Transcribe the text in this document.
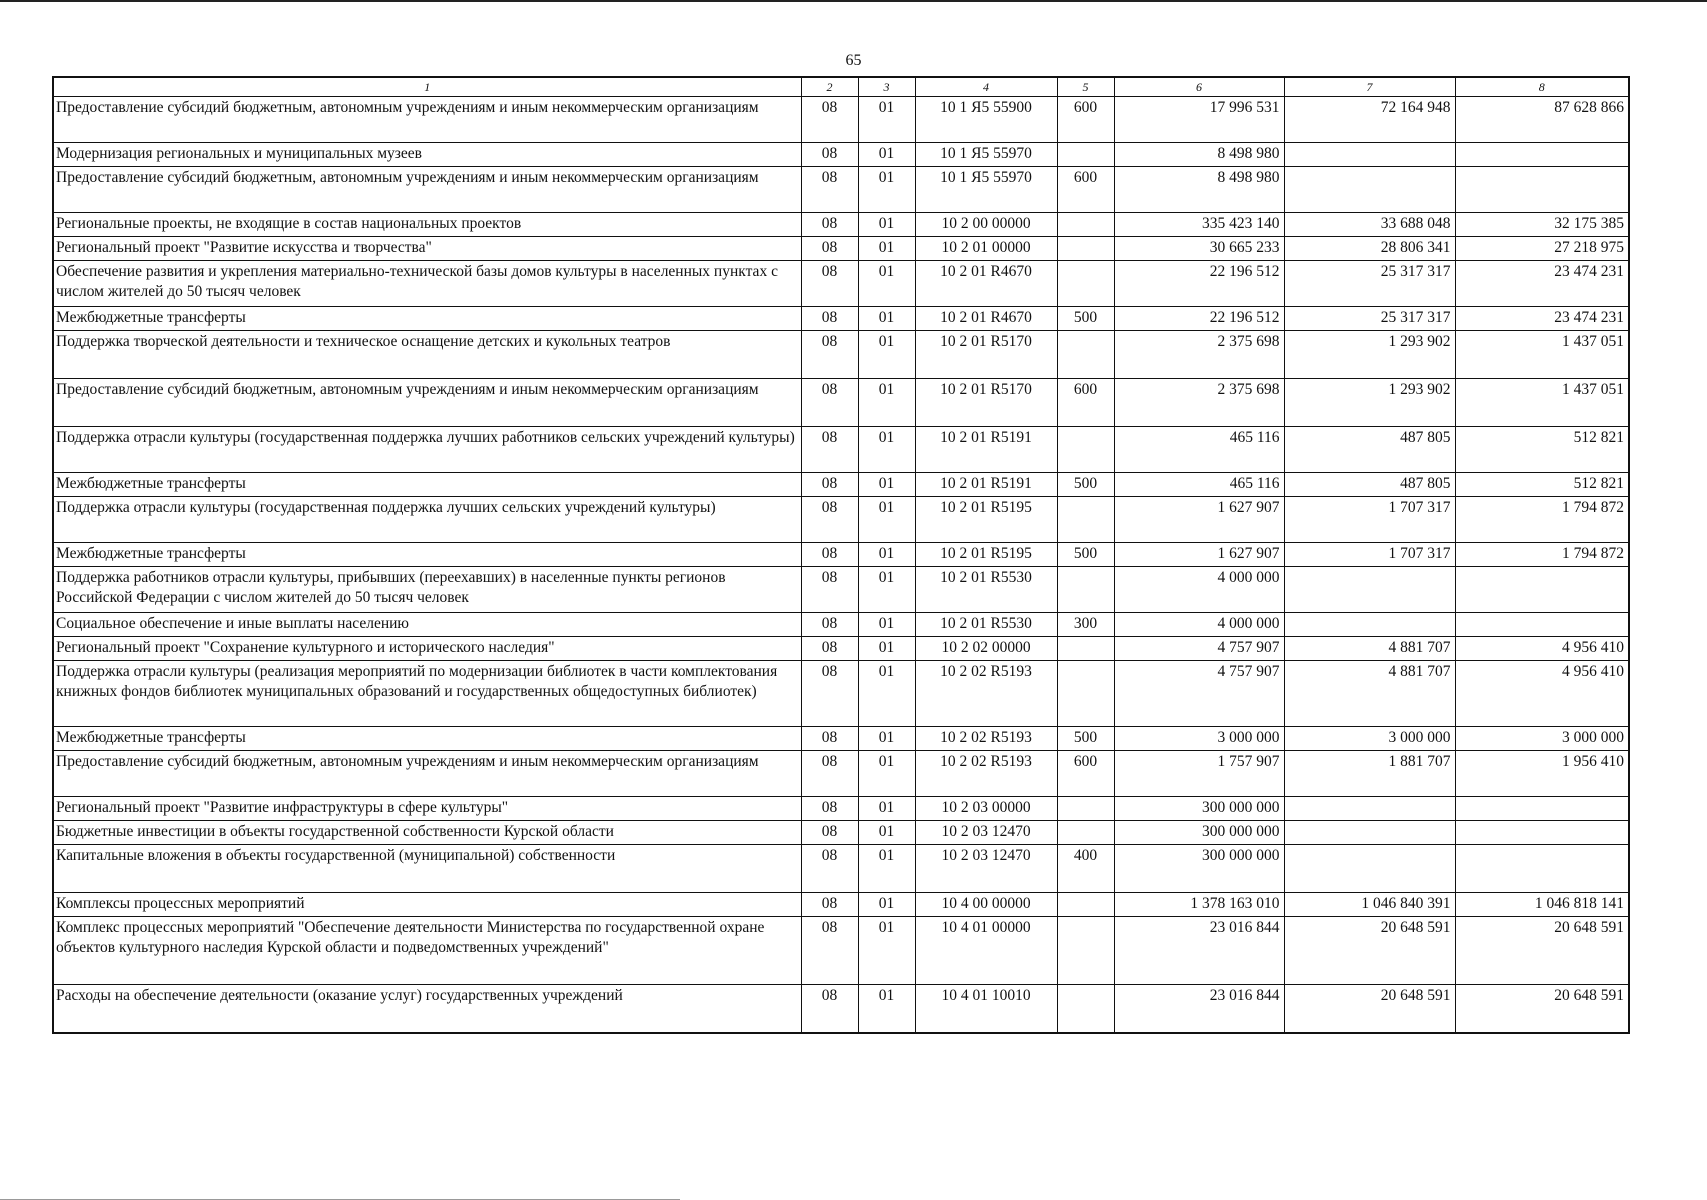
65
1	2	3	4	5	6	7	8
Предоставление субсидий бюджетным, автономным учреждениям и иным некоммерческим организациям	08	01	10 1 Я5 55900	600	17 996 531	72 164 948	87 628 866
Модернизация региональных и муниципальных музеев	08	01	10 1 Я5 55970		8 498 980		
Предоставление субсидий бюджетным, автономным учреждениям и иным некоммерческим организациям	08	01	10 1 Я5 55970	600	8 498 980		
Региональные проекты, не входящие в состав национальных проектов	08	01	10 2 00 00000		335 423 140	33 688 048	32 175 385
Региональный проект "Развитие искусства и творчества"	08	01	10 2 01 00000		30 665 233	28 806 341	27 218 975
Обеспечение развития и укрепления материально-технической базы домов культуры в населенных пунктах с числом жителей до 50 тысяч человек	08	01	10 2 01 R4670		22 196 512	25 317 317	23 474 231
Межбюджетные трансферты	08	01	10 2 01 R4670	500	22 196 512	25 317 317	23 474 231
Поддержка творческой деятельности и техническое оснащение детских и кукольных театров	08	01	10 2 01 R5170		2 375 698	1 293 902	1 437 051
Предоставление субсидий бюджетным, автономным учреждениям и иным некоммерческим организациям	08	01	10 2 01 R5170	600	2 375 698	1 293 902	1 437 051
Поддержка отрасли культуры (государственная поддержка лучших работников сельских учреждений культуры)	08	01	10 2 01 R5191		465 116	487 805	512 821
Межбюджетные трансферты	08	01	10 2 01 R5191	500	465 116	487 805	512 821
Поддержка отрасли культуры (государственная поддержка лучших сельских учреждений культуры)	08	01	10 2 01 R5195		1 627 907	1 707 317	1 794 872
Межбюджетные трансферты	08	01	10 2 01 R5195	500	1 627 907	1 707 317	1 794 872
Поддержка работников отрасли культуры, прибывших (переехавших) в населенные пункты регионов Российской Федерации с числом жителей до 50 тысяч человек	08	01	10 2 01 R5530		4 000 000		
Социальное обеспечение и иные выплаты населению	08	01	10 2 01 R5530	300	4 000 000		
Региональный проект "Сохранение культурного и исторического наследия"	08	01	10 2 02 00000		4 757 907	4 881 707	4 956 410
Поддержка отрасли культуры (реализация мероприятий по модернизации библиотек в части комплектования книжных фондов библиотек муниципальных образований и государственных общедоступных библиотек)	08	01	10 2 02 R5193		4 757 907	4 881 707	4 956 410
Межбюджетные трансферты	08	01	10 2 02 R5193	500	3 000 000	3 000 000	3 000 000
Предоставление субсидий бюджетным, автономным учреждениям и иным некоммерческим организациям	08	01	10 2 02 R5193	600	1 757 907	1 881 707	1 956 410
Региональный проект "Развитие инфраструктуры в сфере культуры"	08	01	10 2 03 00000		300 000 000		
Бюджетные инвестиции в объекты государственной собственности Курской области	08	01	10 2 03 12470		300 000 000		
Капитальные вложения в объекты государственной (муниципальной) собственности	08	01	10 2 03 12470	400	300 000 000		
Комплексы процессных мероприятий	08	01	10 4 00 00000		1 378 163 010	1 046 840 391	1 046 818 141
Комплекс процессных мероприятий "Обеспечение деятельности Министерства по государственной охране объектов культурного наследия Курской области и подведомственных учреждений"	08	01	10 4 01 00000		23 016 844	20 648 591	20 648 591
Расходы на обеспечение деятельности (оказание услуг) государственных учреждений	08	01	10 4 01 10010		23 016 844	20 648 591	20 648 591
